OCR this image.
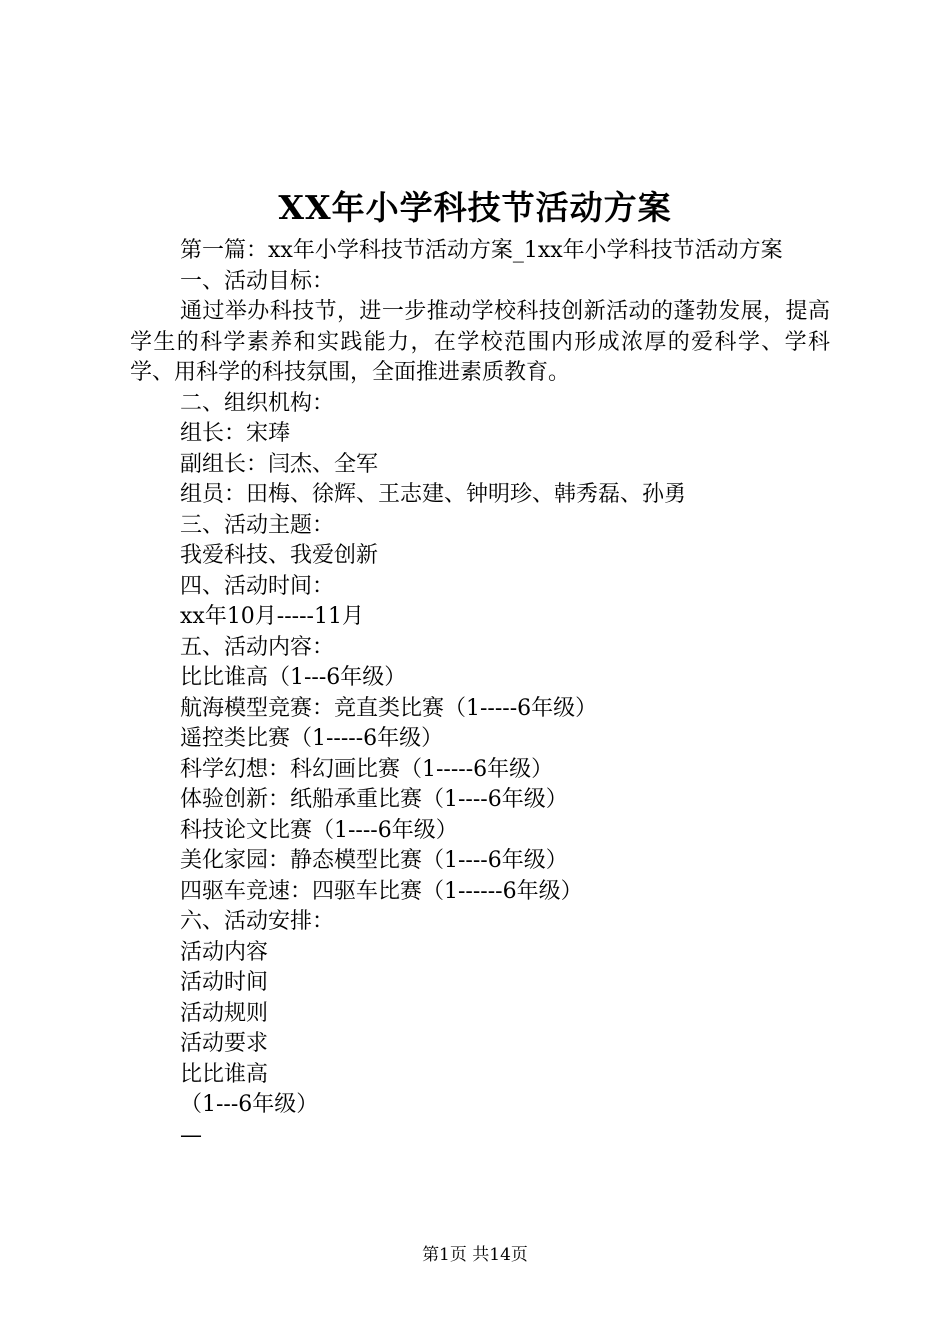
XX年小学科技节活动方案

第一篇：xx年小学科技节活动方案_1xx年小学科技节活动方案

一、活动目标：

通过举办科技节，进一步推动学校科技创新活动的蓬勃发展，提高学生的科学素养和实践能力，在学校范围内形成浓厚的爱科学、学科学、用科学的科技氛围，全面推进素质教育。

二、组织机构：

组长：宋琫

副组长：闫杰、全军

组员：田梅、徐辉、王志建、钟明珍、韩秀磊、孙勇

三、活动主题：

我爱科技、我爱创新

四、活动时间：

xx年10月-----11月

五、活动内容：

比比谁高（1---6年级）

航海模型竞赛：竞直类比赛（1-----6年级）

遥控类比赛（1-----6年级）

科学幻想：科幻画比赛（1-----6年级）

体验创新：纸船承重比赛（1----6年级）

科技论文比赛（1----6年级）

美化家园：静态模型比赛（1----6年级）

四驱车竞速：四驱车比赛（1------6年级）

六、活动安排：

活动内容

活动时间

活动规则

活动要求

比比谁高

（1---6年级）

—

第1页 共14页
